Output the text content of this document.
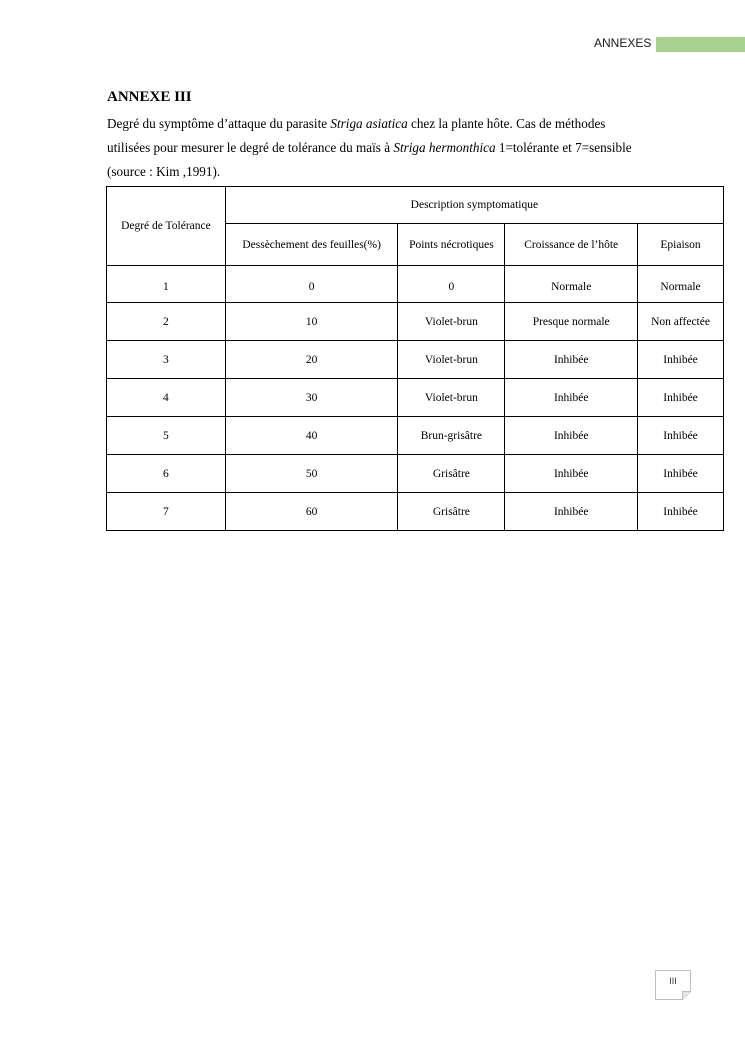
ANNEXES
ANNEXE III

Degré du symptôme d’attaque du parasite Striga asiatica chez la plante hôte. Cas de méthodes

utilisées pour mesurer le degré de tolérance du maïs à Striga hermonthica 1=tolérante et 7=sensible

(source : Kim ,1991).

Degré de Tolérance	Description symptomatique			
	Dessèchement des feuilles(%)	Points nécrotiques	Croissance de l’hôte	Epiaison
1	0	0	Normale	Normale
2	10	Violet-brun	Presque normale	Non affectée
3	20	Violet-brun	Inhibée	Inhibée
4	30	Violet-brun	Inhibée	Inhibée
5	40	Brun-grisâtre	Inhibée	Inhibée
6	50	Grisâtre	Inhibée	Inhibée
7	60	Grisâtre	Inhibée	Inhibée
III
